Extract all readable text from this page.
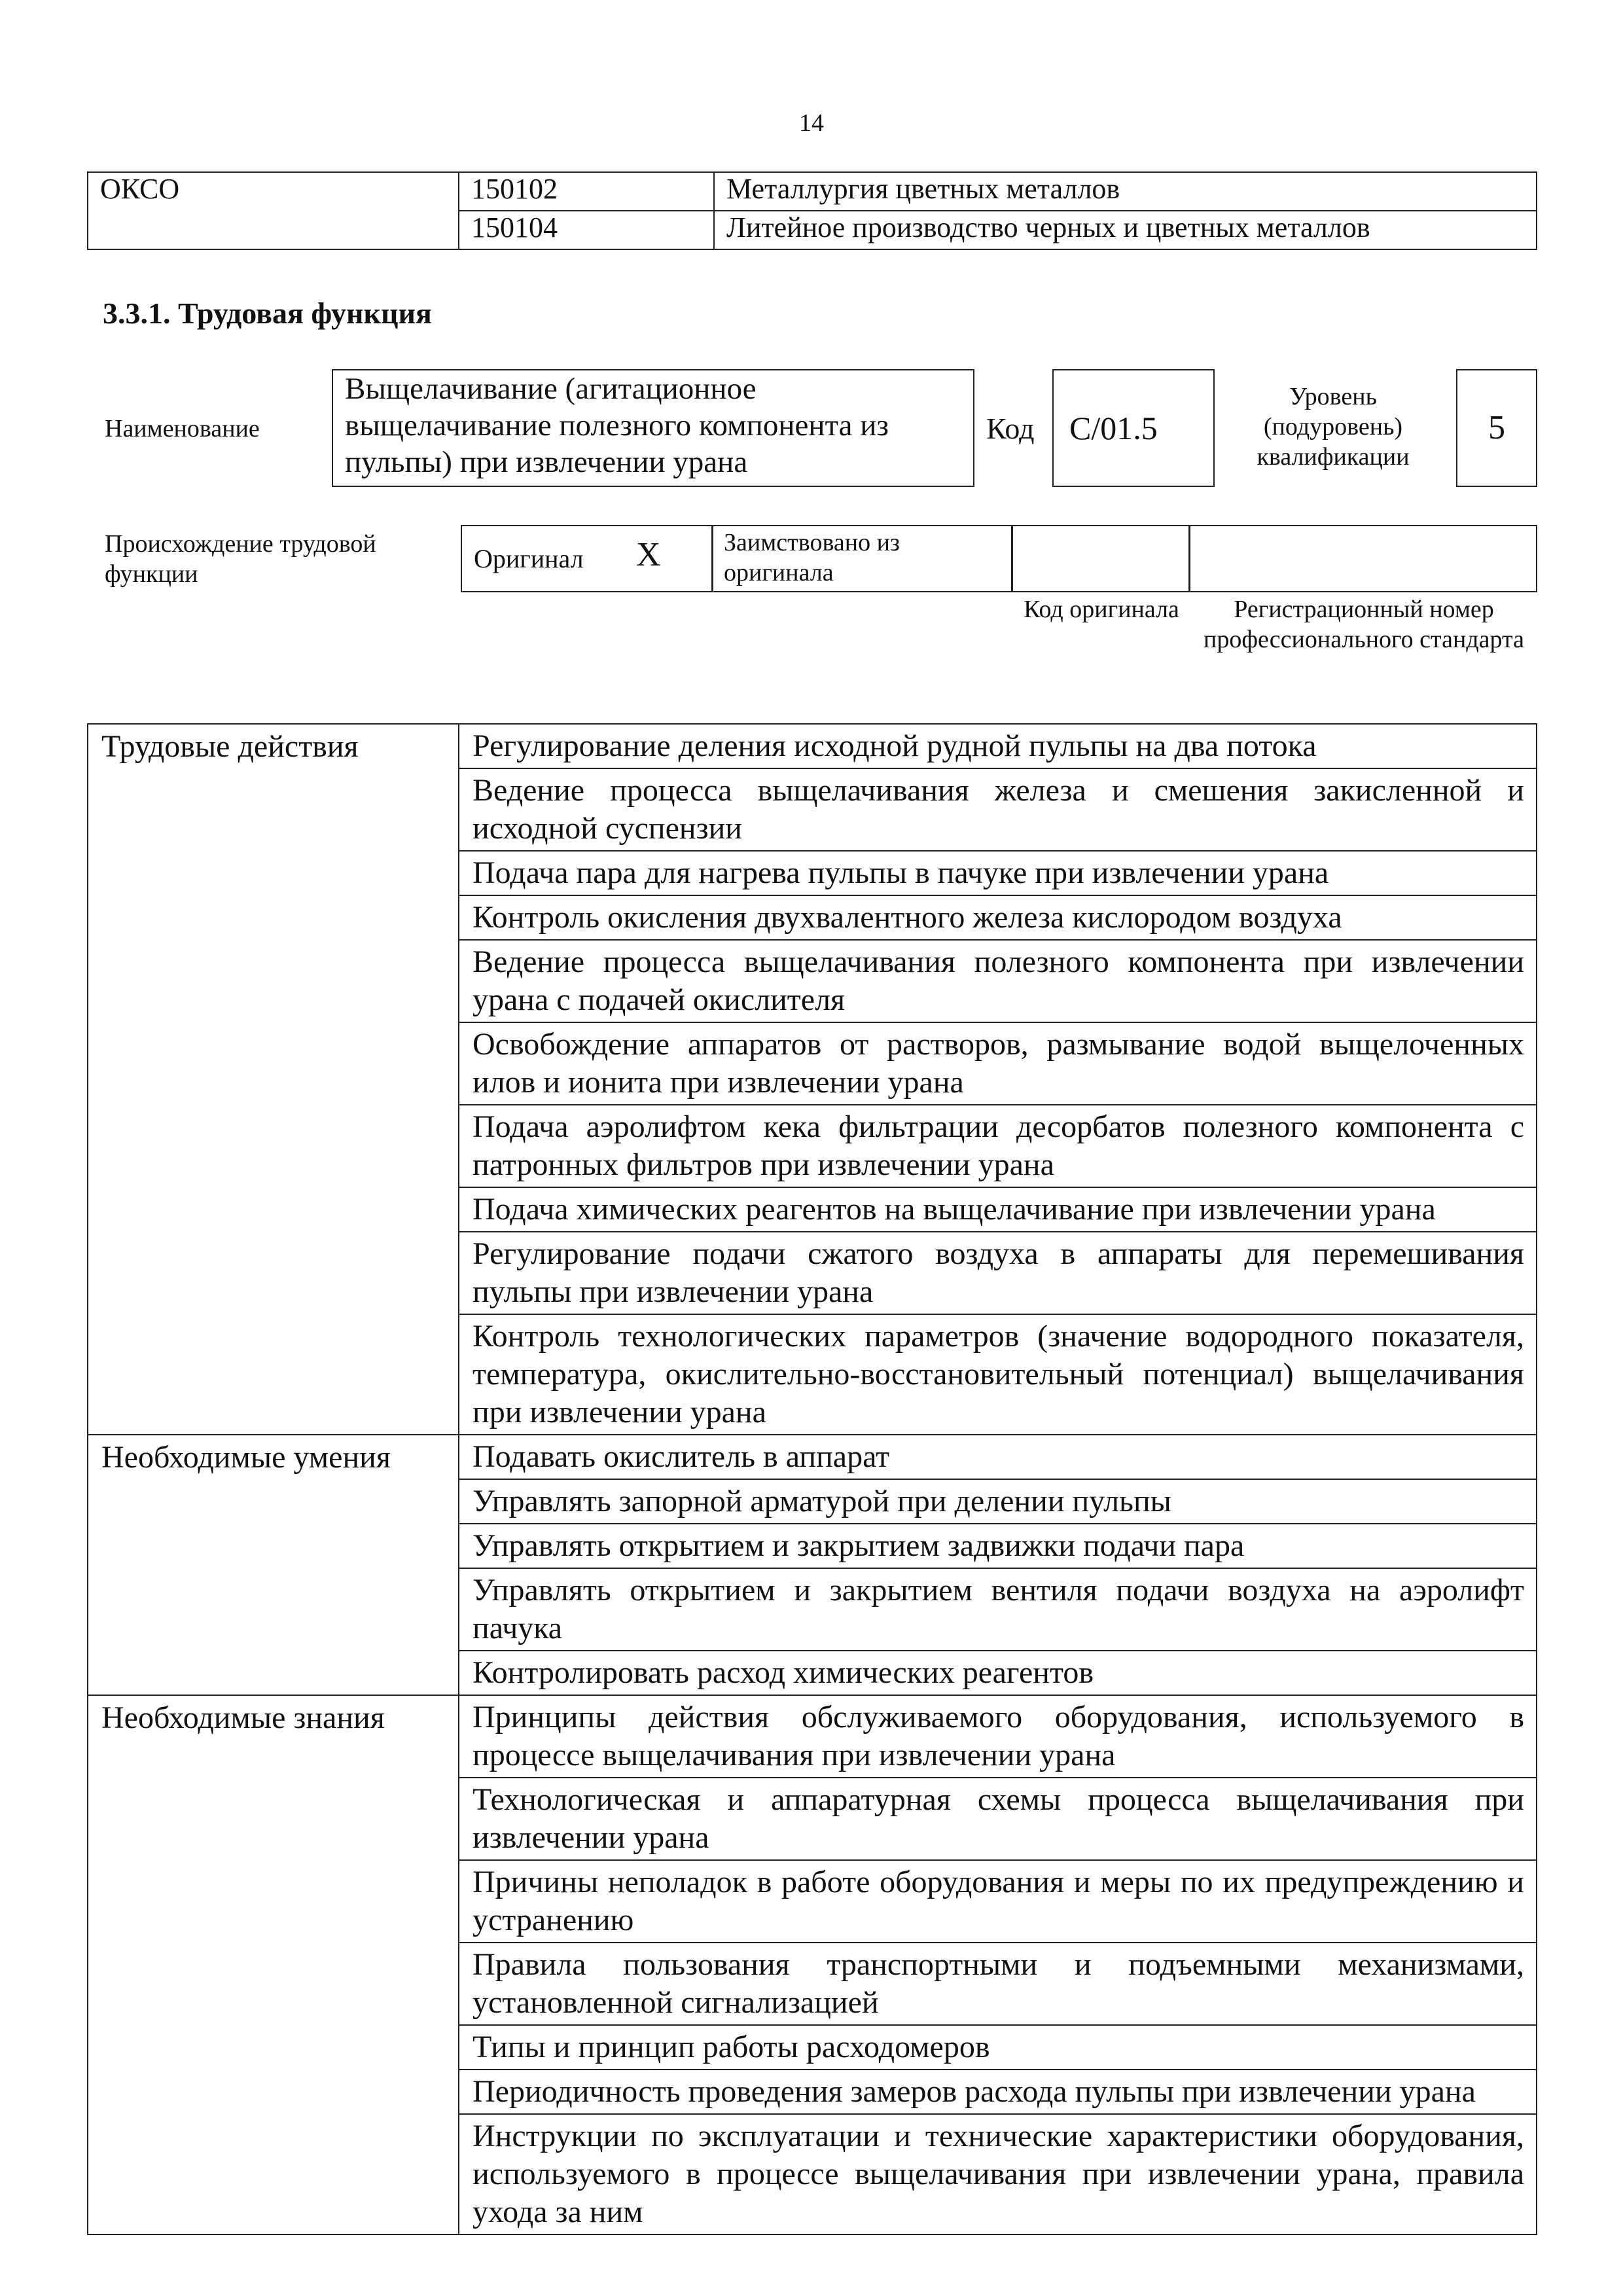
14
ОКСО	150102	Металлургия цветных металлов
	150104	Литейное производство черных и цветных металлов
3.3.1. Трудовая функция
Наименование
Выщелачивание (агитационное выщелачивание полезного компонента из пульпы) при извлечении урана
Код	C/01.5
Уровень (подуровень) квалификации
5
Происхождение трудовой функции
Оригинал X	Заимствовано из оригинала
Код оригинала	Регистрационный номер профессионального стандарта
Трудовые действия	Регулирование деления исходной рудной пульпы на два потока
	Ведение процесса выщелачивания железа и смешения закисленной и исходной суспензии
	Подача пара для нагрева пульпы в пачуке при извлечении урана
	Контроль окисления двухвалентного железа кислородом воздуха
	Ведение процесса выщелачивания полезного компонента при извлечении урана с подачей окислителя
	Освобождение аппаратов от растворов, размывание водой выщелоченных илов и ионита при извлечении урана
	Подача аэролифтом кека фильтрации десорбатов полезного компонента с патронных фильтров при извлечении урана
	Подача химических реагентов на выщелачивание при извлечении урана
	Регулирование подачи сжатого воздуха в аппараты для перемешивания пульпы при извлечении урана
	Контроль технологических параметров (значение водородного показателя, температура, окислительно-восстановительный потенциал) выщелачивания при извлечении урана
Необходимые умения	Подавать окислитель в аппарат
	Управлять запорной арматурой при делении пульпы
	Управлять открытием и закрытием задвижки подачи пара
	Управлять открытием и закрытием вентиля подачи воздуха на аэролифт пачука
	Контролировать расход химических реагентов
Необходимые знания	Принципы действия обслуживаемого оборудования, используемого в процессе выщелачивания при извлечении урана
	Технологическая и аппаратурная схемы процесса выщелачивания при извлечении урана
	Причины неполадок в работе оборудования и меры по их предупреждению и устранению
	Правила пользования транспортными и подъемными механизмами, установленной сигнализацией
	Типы и принцип работы расходомеров
	Периодичность проведения замеров расхода пульпы при извлечении урана
	Инструкции по эксплуатации и технические характеристики оборудования, используемого в процессе выщелачивания при извлечении урана, правила ухода за ним
